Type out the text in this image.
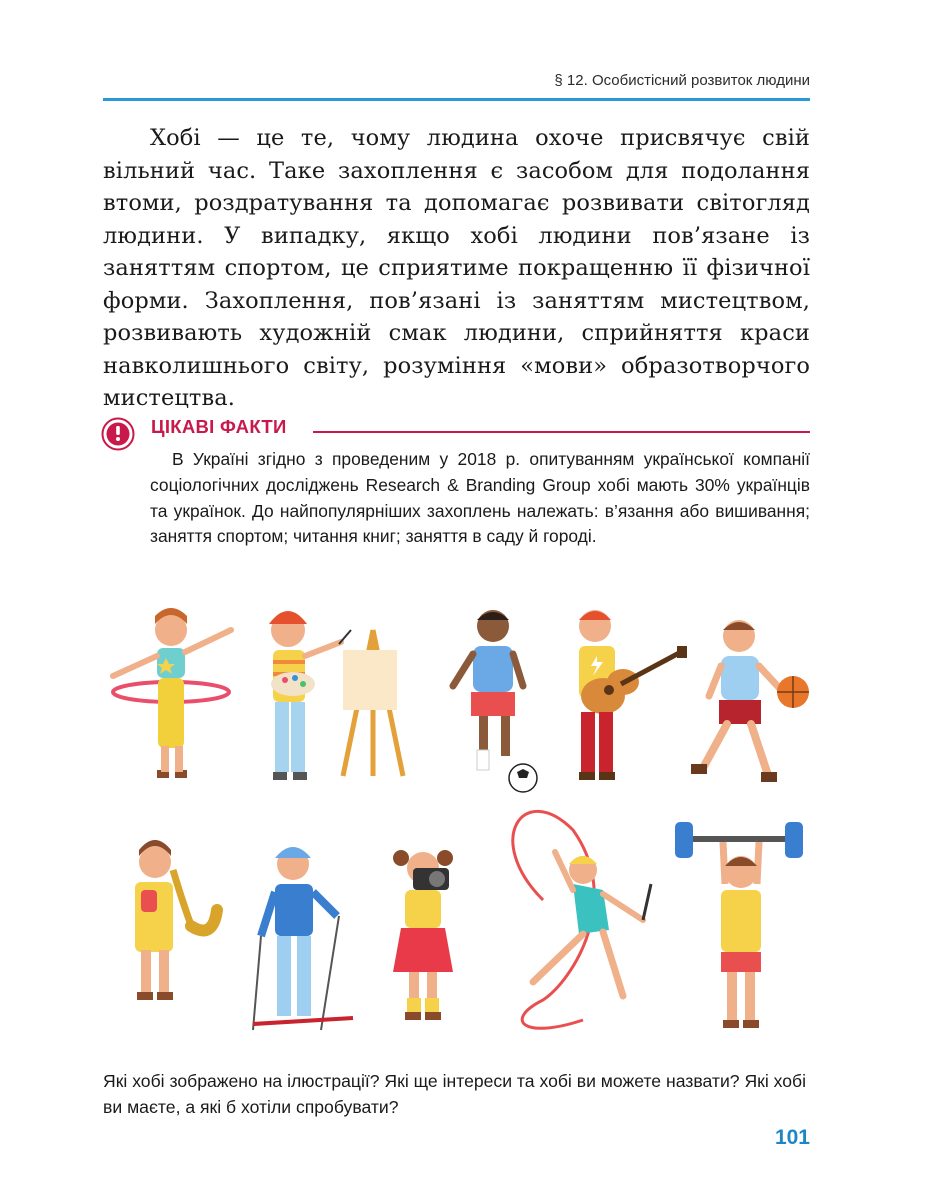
§ 12. Особистісний розвиток людини

Хобі — це те, чому людина охоче присвячує свій вільний час. Таке захоплення є засобом для подолання втоми, роздратування та допомагає розвивати світогляд людини. У випадку, якщо хобі людини пов’язане із заняттям спортом, це сприятиме покращенню її фізичної форми. Захоплення, пов’язані із заняттям мистецтвом, розвивають художній смак людини, сприйняття краси навколишнього світу, розуміння «мови» образотворчого мистецтва.

ЦІКАВІ ФАКТИ

В Україні згідно з проведеним у 2018 р. опитуванням української компанії соціологічних досліджень Research & Branding Group хобі мають 30% українців та українок. До найпопулярніших захоплень належать: в’язання або вишивання; заняття спортом; читання книг; заняття в саду й городі.

Які хобі зображено на ілюстрації? Які ще інтереси та хобі ви можете назвати? Які хобі ви маєте, а які б хотіли спробувати?
101
